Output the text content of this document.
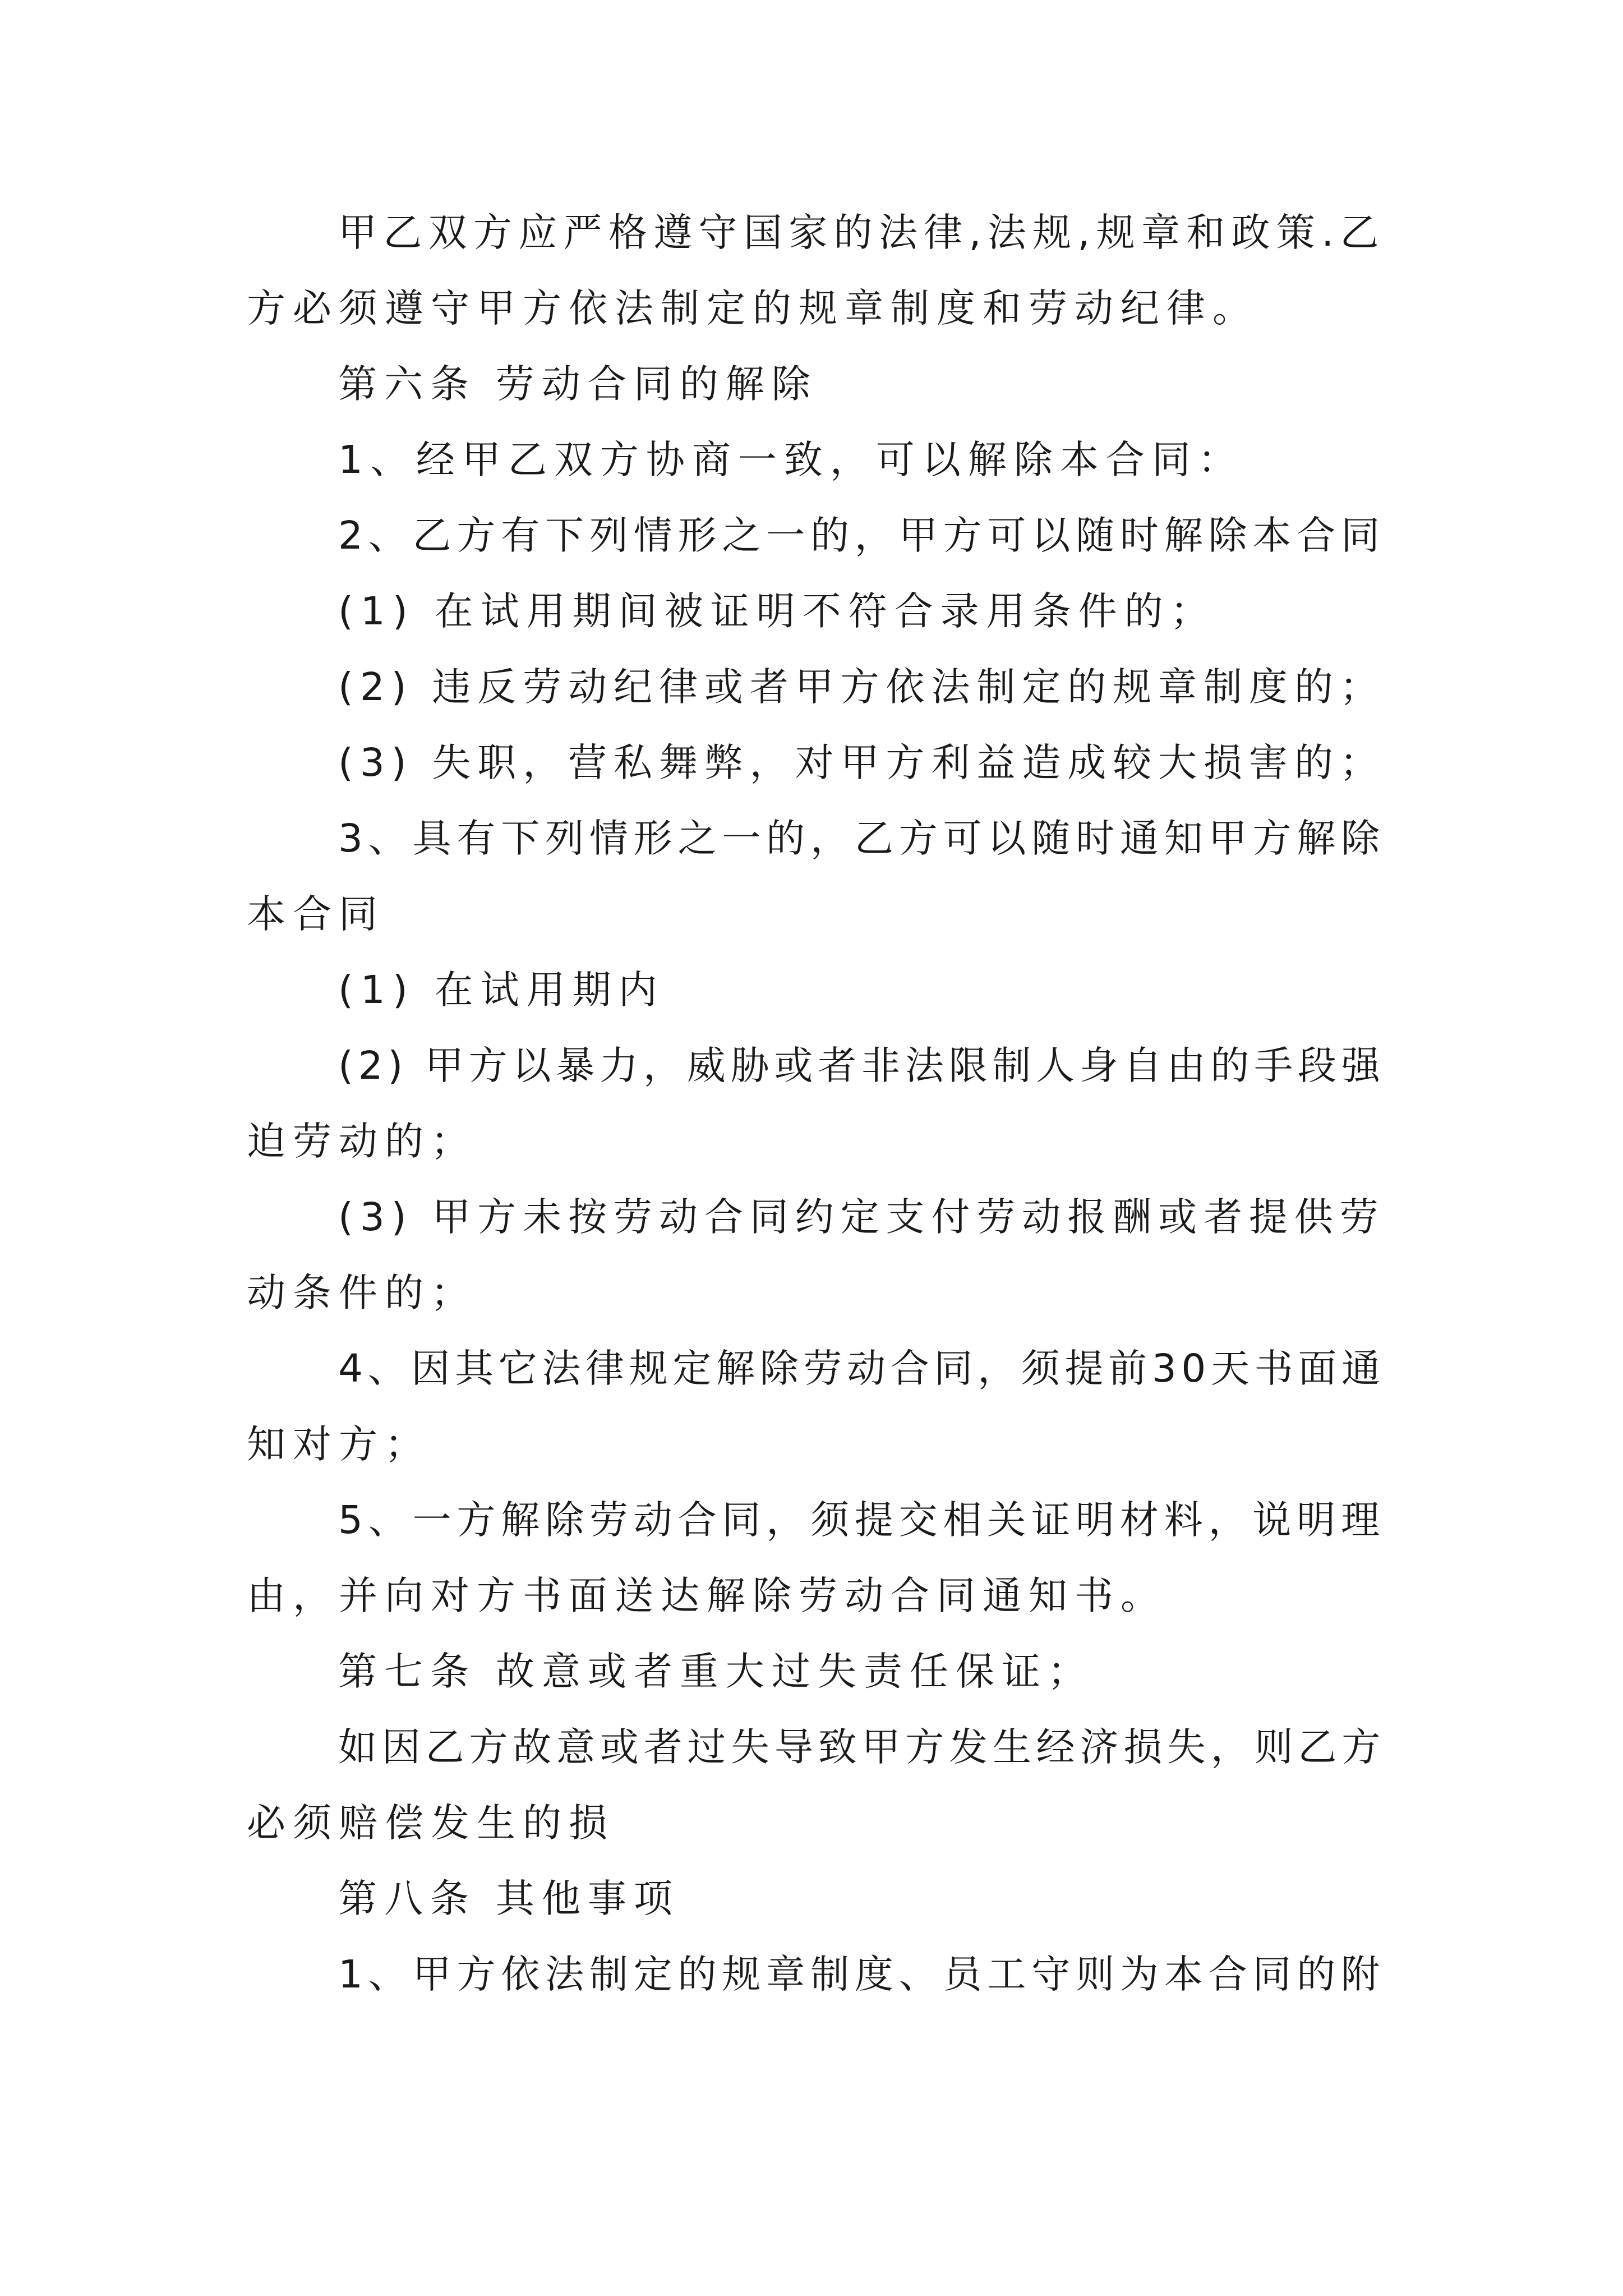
甲乙双方应严格遵守国家的法律,法规,规章和政策.乙
方必须遵守甲方依法制定的规章制度和劳动纪律。
第六条 劳动合同的解除
1、经甲乙双方协商一致，可以解除本合同：
2、乙方有下列情形之一的，甲方可以随时解除本合同
(1) 在试用期间被证明不符合录用条件的；
(2) 违反劳动纪律或者甲方依法制定的规章制度的；
(3) 失职，营私舞弊，对甲方利益造成较大损害的；
3、具有下列情形之一的，乙方可以随时通知甲方解除
本合同
(1) 在试用期内
(2) 甲方以暴力，威胁或者非法限制人身自由的手段强
迫劳动的；
(3) 甲方未按劳动合同约定支付劳动报酬或者提供劳
动条件的；
4、因其它法律规定解除劳动合同，须提前30天书面通
知对方；
5、一方解除劳动合同，须提交相关证明材料，说明理
由，并向对方书面送达解除劳动合同通知书。
第七条 故意或者重大过失责任保证；
如因乙方故意或者过失导致甲方发生经济损失，则乙方
必须赔偿发生的损
第八条 其他事项
1、甲方依法制定的规章制度、员工守则为本合同的附
